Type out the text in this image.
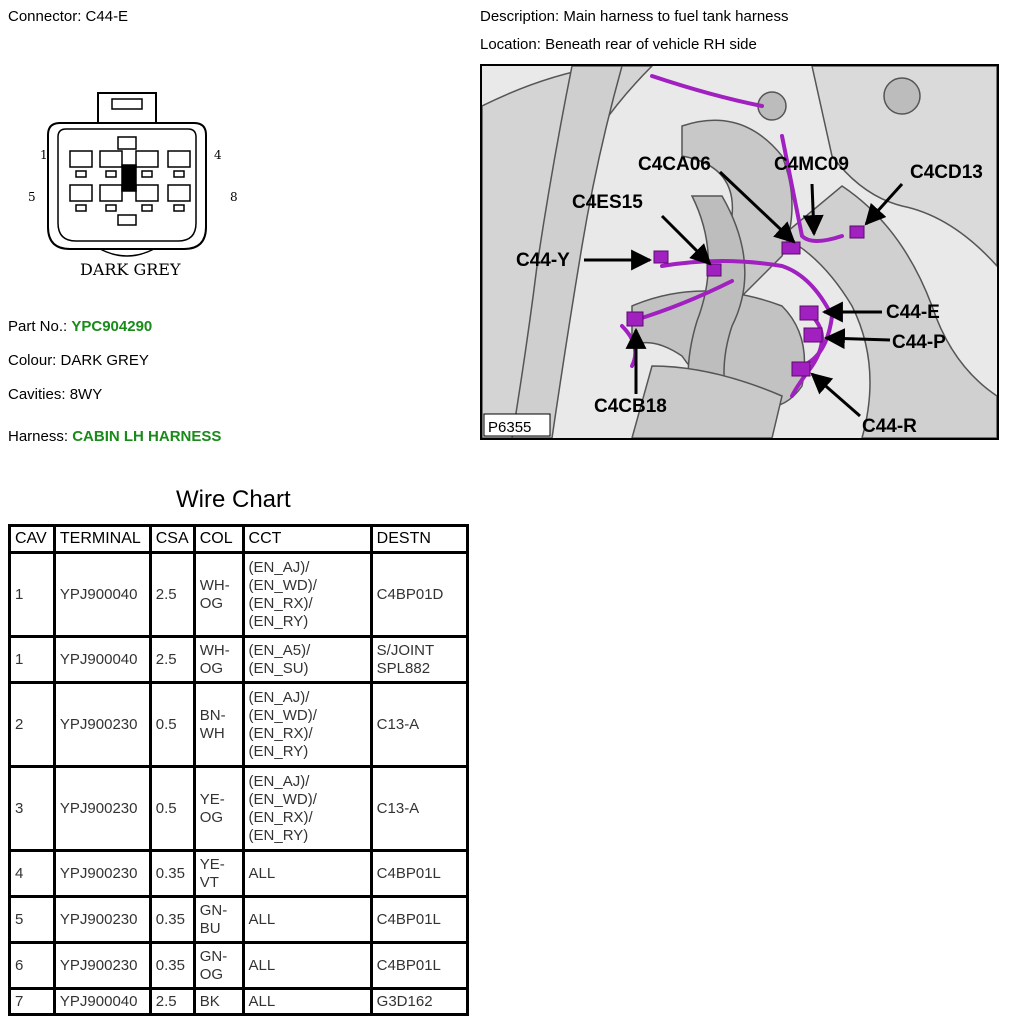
Connector: C44-E	Description: Main harness to fuel tank harness
Location: Beneath rear of vehicle RH side
1	4
5	8
DARK GREY
Part No.: YPC904290
Colour: DARK GREY
Cavities: 8WY
Harness: CABIN LH HARNESS
C4CA06	C4MC09	C4CD13
C4ES15
C44-Y
C44-E
C44-P
C4CB18
C44-R
P6355
Wire Chart
CAV	TERMINAL	CSA	COL	CCT	DESTN
1	YPJ900040	2.5	WH-
OG	(EN_AJ)/
(EN_WD)/
(EN_RX)/
(EN_RY)	C4BP01D
1	YPJ900040	2.5	WH-
OG	(EN_A5)/
(EN_SU)	S/JOINT
SPL882
2	YPJ900230	0.5	BN-
WH	(EN_AJ)/
(EN_WD)/
(EN_RX)/
(EN_RY)	C13-A
3	YPJ900230	0.5	YE-
OG	(EN_AJ)/
(EN_WD)/
(EN_RX)/
(EN_RY)	C13-A
4	YPJ900230	0.35	YE-
VT	ALL	C4BP01L
5	YPJ900230	0.35	GN-
BU	ALL	C4BP01L
6	YPJ900230	0.35	GN-
OG	ALL	C4BP01L
7	YPJ900040	2.5	BK	ALL	G3D162
